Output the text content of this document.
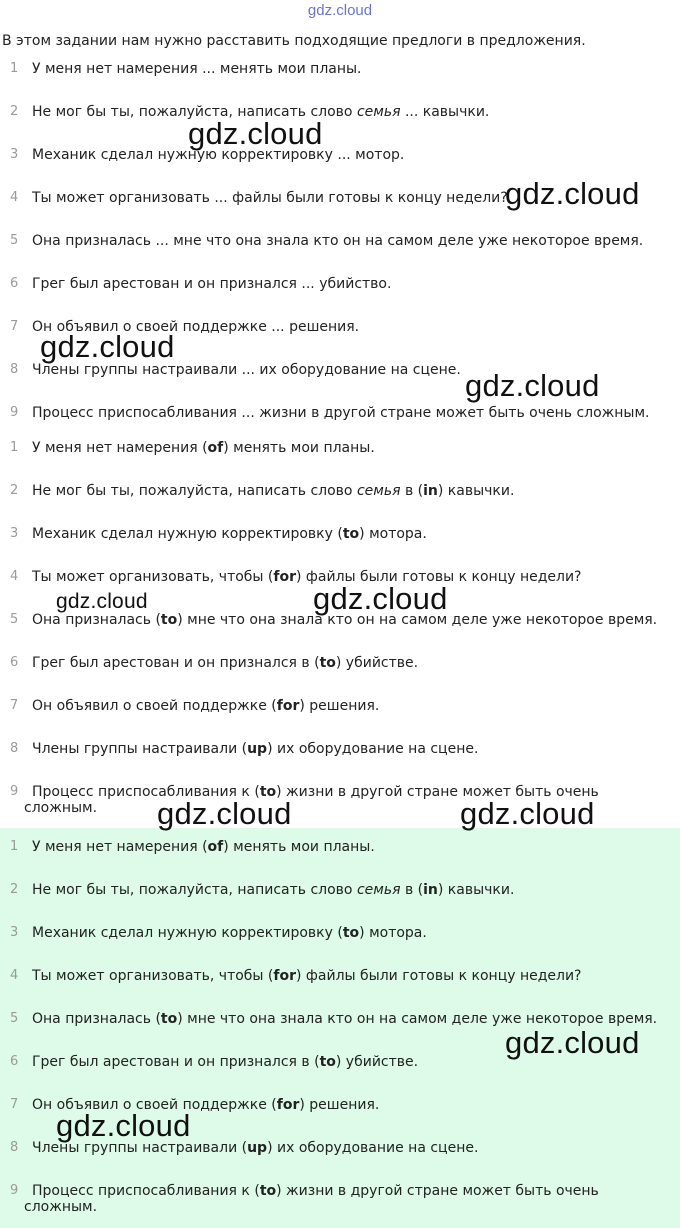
gdz.cloud
В этом задании нам нужно расставить подходящие предлоги в предложения.
1 У меня нет намерения ... менять мои планы.
2 Не мог бы ты, пожалуйста, написать слово семья ... кавычки.
3 Механик сделал нужную корректировку ... мотор.
4 Ты может организовать ... файлы были готовы к концу недели?
5 Она призналась ... мне что она знала кто он на самом деле уже некоторое время.
6 Грег был арестован и он признался ... убийство.
7 Он объявил о своей поддержке ... решения.
8 Члены группы настраивали ... их оборудование на сцене.
9 Процесс приспосабливания ... жизни в другой стране может быть очень сложным.
1 У меня нет намерения (of) менять мои планы.
2 Не мог бы ты, пожалуйста, написать слово семья в (in) кавычки.
3 Механик сделал нужную корректировку (to) мотора.
4 Ты может организовать, чтобы (for) файлы были готовы к концу недели?
5 Она призналась (to) мне что она знала кто он на самом деле уже некоторое время.
6 Грег был арестован и он признался в (to) убийстве.
7 Он объявил о своей поддержке (for) решения.
8 Члены группы настраивали (up) их оборудование на сцене.
9 Процесс приспосабливания к (to) жизни в другой стране может быть очень
сложным.
1 У меня нет намерения (of) менять мои планы.
2 Не мог бы ты, пожалуйста, написать слово семья в (in) кавычки.
3 Механик сделал нужную корректировку (to) мотора.
4 Ты может организовать, чтобы (for) файлы были готовы к концу недели?
5 Она призналась (to) мне что она знала кто он на самом деле уже некоторое время.
6 Грег был арестован и он признался в (to) убийстве.
7 Он объявил о своей поддержке (for) решения.
8 Члены группы настраивали (up) их оборудование на сцене.
9 Процесс приспосабливания к (to) жизни в другой стране может быть очень
сложным.
gdz.cloud
gdz.cloud
gdz.cloud
gdz.cloud
gdz.cloud	gdz.cloud
gdz.cloud	gdz.cloud
gdz.cloud
gdz.cloud
